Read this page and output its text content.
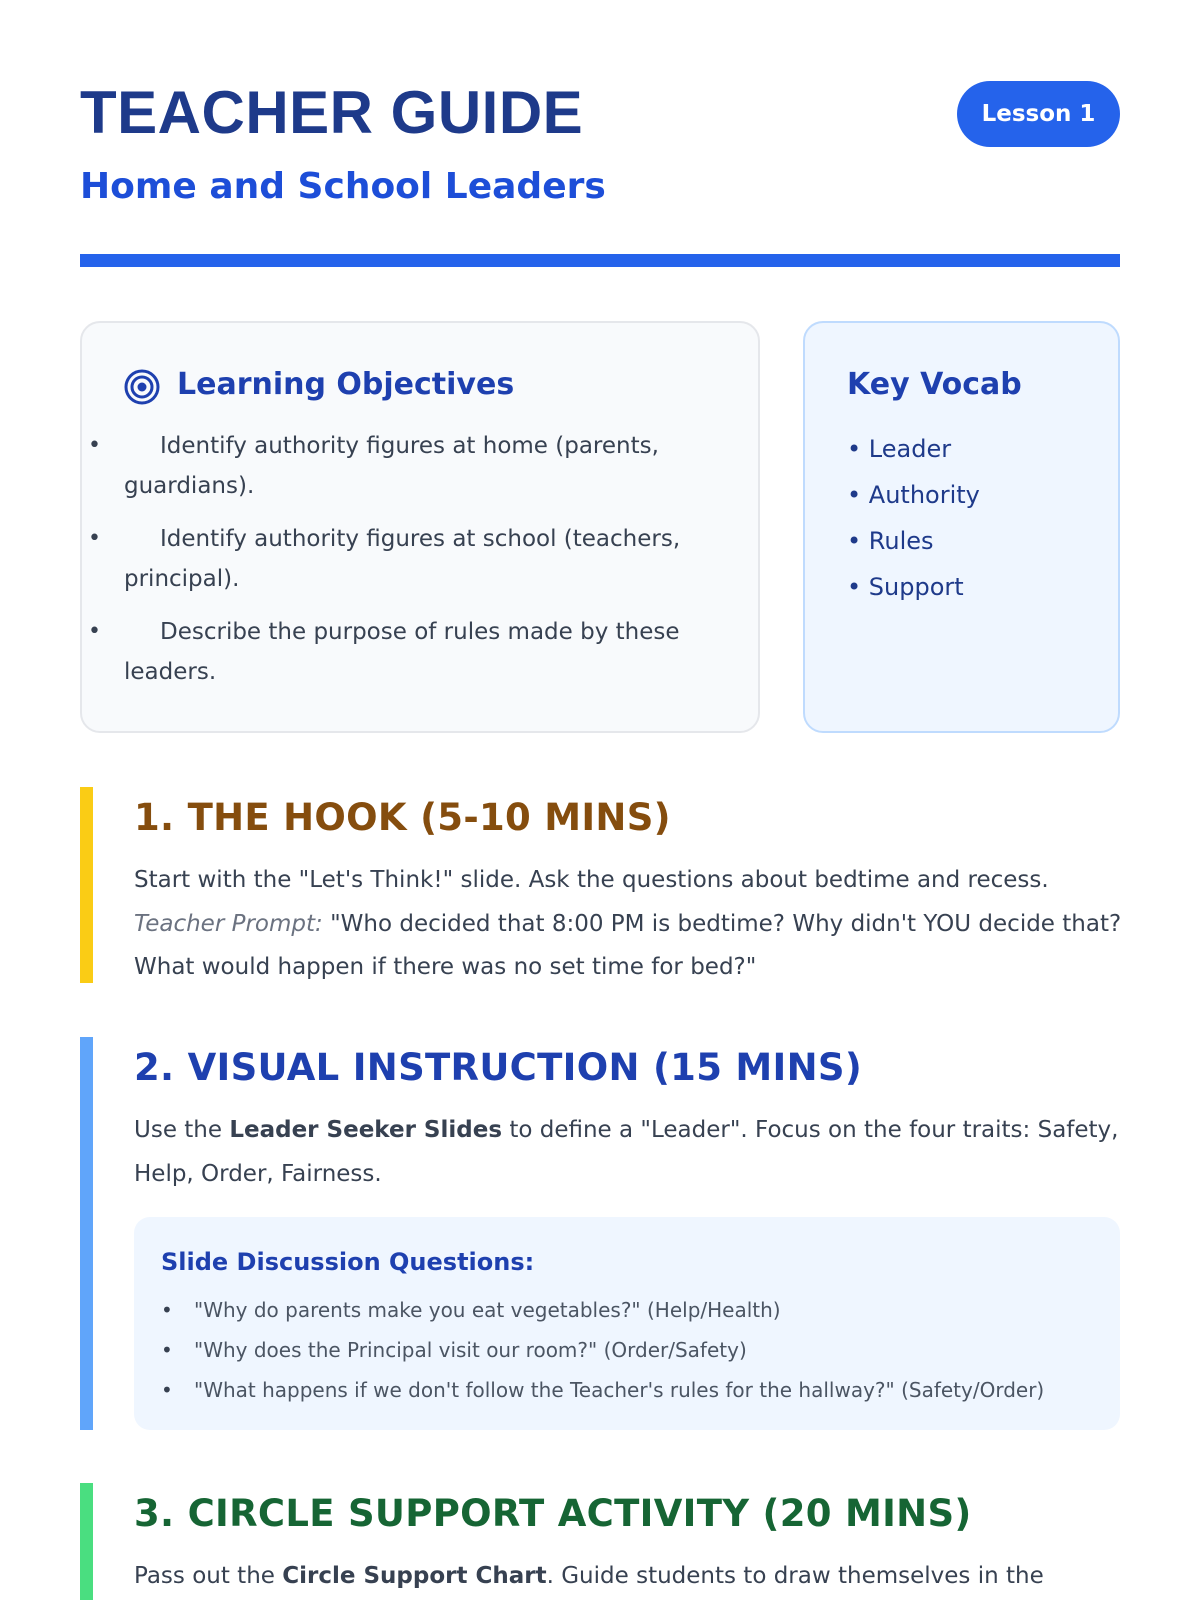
TEACHER GUIDE
Home and School Leaders
Lesson 1
Learning Objectives
• Identify authority figures at home (parents, guardians).
• Identify authority figures at school (teachers, principal).
• Describe the purpose of rules made by these leaders.
Key Vocab
• Leader
• Authority
• Rules
• Support
1. THE HOOK (5-10 MINS)

Start with the "Let's Think!" slide. Ask the questions about bedtime and recess. Teacher Prompt: "Who decided that 8:00 PM is bedtime? Why didn't YOU decide that? What would happen if there was no set time for bed?"

2. VISUAL INSTRUCTION (15 MINS)

Use the Leader Seeker Slides to define a "Leader". Focus on the four traits: Safety, Help, Order, Fairness.

Slide Discussion Questions:
• "Why do parents make you eat vegetables?" (Help/Health)
• "Why does the Principal visit our room?" (Order/Safety)
• "What happens if we don't follow the Teacher's rules for the hallway?" (Safety/Order)
3. CIRCLE SUPPORT ACTIVITY (20 MINS)

Pass out the Circle Support Chart. Guide students to draw themselves in the
